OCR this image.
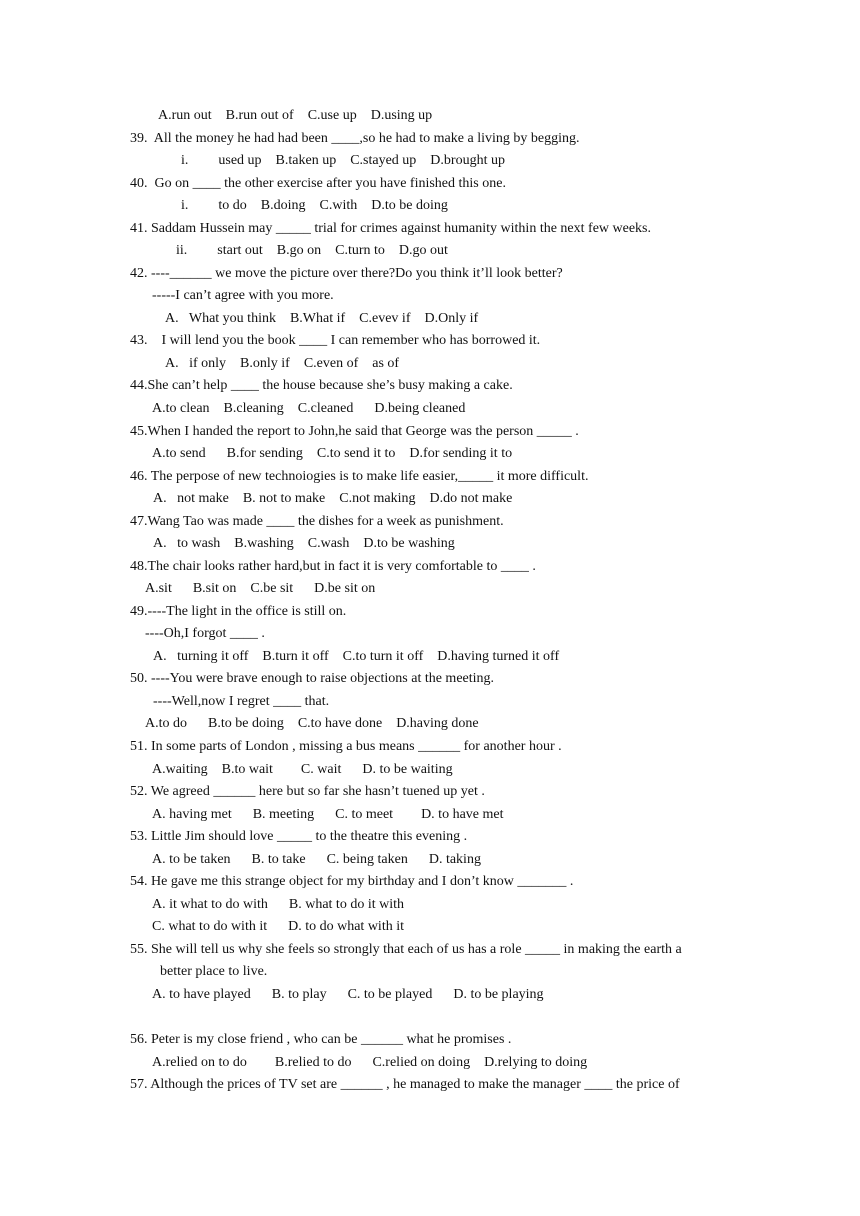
A.run out    B.run out of    C.use up    D.using up
39.  All the money he had had been ____,so he had to make a living by begging.
i. used up    B.taken up    C.stayed up    D.brought up
40.  Go on ____ the other exercise after you have finished this one.
i. to do    B.doing    C.with    D.to be doing
41. Saddam Hussein may _____ trial for crimes against humanity within the next few weeks.
ii. start out    B.go on    C.turn to    D.go out
42. ----______ we move the picture over there?Do you think it’ll look better?
-----I can’t agree with you more.
A.   What you think    B.What if    C.evev if    D.Only if
43.    I will lend you the book ____ I can remember who has borrowed it.
A.   if only    B.only if    C.even of    as of
44.She can’t help ____ the house because she’s busy making a cake.
A.to clean    B.cleaning    C.cleaned      D.being cleaned
45.When I handed the report to John,he said that George was the person _____ .
A.to send      B.for sending    C.to send it to    D.for sending it to
46. The perpose of new technoiogies is to make life easier,_____ it more difficult.
A.   not make    B. not to make    C.not making    D.do not make
47.Wang Tao was made ____ the dishes for a week as punishment.
A.   to wash    B.washing    C.wash    D.to be washing
48.The chair looks rather hard,but in fact it is very comfortable to ____ .
A.sit      B.sit on    C.be sit      D.be sit on
49.----The light in the office is still on.
----Oh,I forgot ____ .
A.   turning it off    B.turn it off    C.to turn it off    D.having turned it off
50. ----You were brave enough to raise objections at the meeting.
----Well,now I regret ____ that.
A.to do      B.to be doing    C.to have done    D.having done
51. In some parts of London , missing a bus means ______ for another hour .
A.waiting    B.to wait        C. wait      D. to be waiting
52. We agreed ______ here but so far she hasn’t tuened up yet .
A. having met      B. meeting      C. to meet        D. to have met
53. Little Jim should love _____ to the theatre this evening .
A. to be taken      B. to take      C. being taken      D. taking
54. He gave me this strange object for my birthday and I don’t know _______ .
A. it what to do with      B. what to do it with
C. what to do with it      D. to do what with it
55. She will tell us why she feels so strongly that each of us has a role _____ in making the earth a
better place to live.
A. to have played      B. to play      C. to be played      D. to be playing
56. Peter is my close friend , who can be ______ what he promises .
A.relied on to do        B.relied to do      C.relied on doing    D.relying to doing
57. Although the prices of TV set are ______ , he managed to make the manager ____ the price of
